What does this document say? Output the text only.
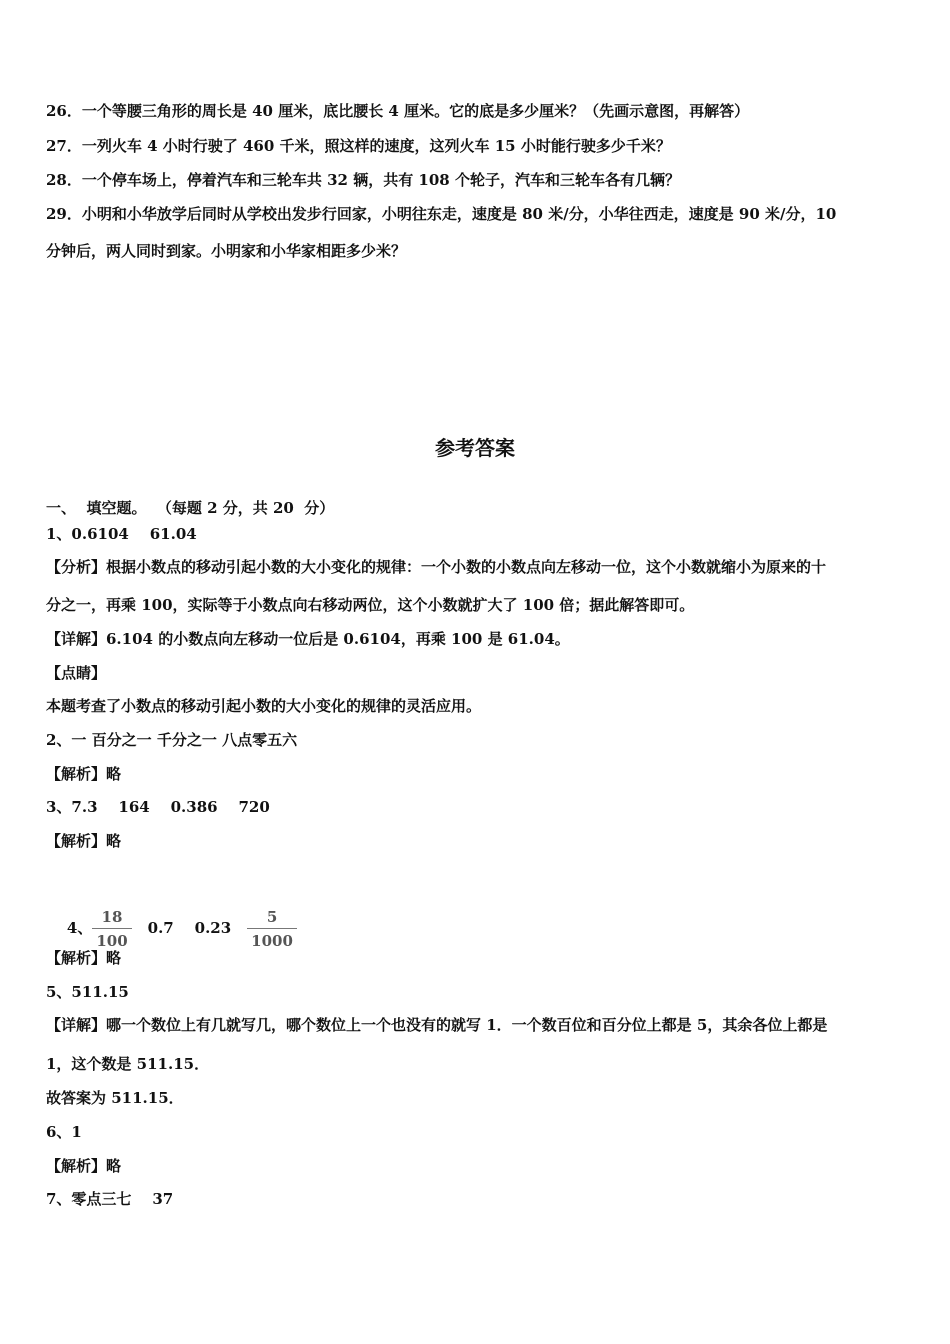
26．一个等腰三角形的周长是 40 厘米，底比腰长 4 厘米。它的底是多少厘米？（先画示意图，再解答）
27．一列火车 4 小时行驶了 460 千米，照这样的速度，这列火车 15 小时能行驶多少千米？
28．一个停车场上，停着汽车和三轮车共 32 辆，共有 108 个轮子，汽车和三轮车各有几辆？
29．小明和小华放学后同时从学校出发步行回家，小明往东走，速度是 80 米/分，小华往西走，速度是 90 米/分，10
分钟后，两人同时到家。小明家和小华家相距多少米？
参考答案
一、  填空题。  （每题 2 分，共 20  分）
1、0.6104    61.04
【分析】根据小数点的移动引起小数的大小变化的规律：一个小数的小数点向左移动一位，这个小数就缩小为原来的十
分之一，再乘 100，实际等于小数点向右移动两位，这个小数就扩大了 100 倍；据此解答即可。
【详解】6.104 的小数点向左移动一位后是 0.6104，再乘 100 是 61.04。
【点睛】
本题考查了小数点的移动引起小数的大小变化的规律的灵活应用。
2、一 百分之一 千分之一 八点零五六
【解析】略
3、7.3    164    0.386    720
【解析】略

4、 $\frac{18}{100} 0.7$    $0.23 \frac{5}{1000}$

【解析】略
5、511.15
【详解】哪一个数位上有几就写几，哪个数位上一个也没有的就写 1．一个数百位和百分位上都是 5，其余各位上都是
1，这个数是 511.15．
故答案为 511.15．
6、1
【解析】略
7、零点三七    37
